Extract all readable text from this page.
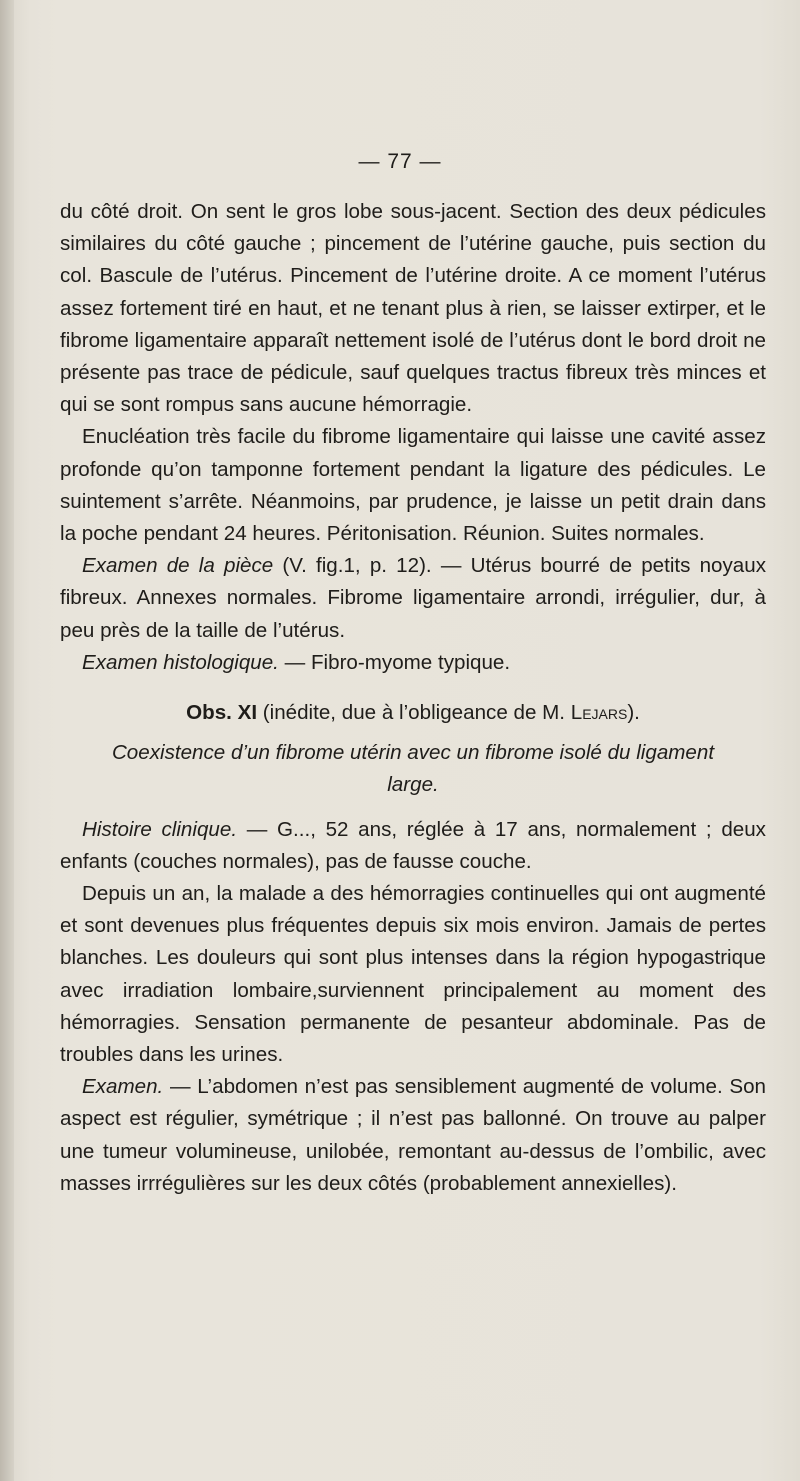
— 77 —

du côté droit. On sent le gros lobe sous-jacent. Section des deux pédicules similaires du côté gauche ; pincement de l’utérine gauche, puis section du col. Bascule de l’utérus. Pincement de l’utérine droite. A ce moment l’utérus assez fortement tiré en haut, et ne tenant plus à rien, se laisser extirper, et le fibrome ligamentaire apparaît nettement isolé de l’utérus dont le bord droit ne présente pas trace de pédicule, sauf quelques tractus fibreux très minces et qui se sont rompus sans aucune hémorragie.

Enucléation très facile du fibrome ligamentaire qui laisse une cavité assez profonde qu’on tamponne fortement pendant la ligature des pédicules. Le suintement s’arrête. Néanmoins, par prudence, je laisse un petit drain dans la poche pendant 24 heures. Péritonisation. Réunion. Suites normales.

Examen de la pièce (V. fig.1, p. 12). — Utérus bourré de petits noyaux fibreux. Annexes normales. Fibrome ligamentaire arrondi, irrégulier, dur, à peu près de la taille de l’utérus.

Examen histologique. — Fibro-myome typique.

Obs. XI (inédite, due à l’obligeance de M. Lejars).

Coexistence d’un fibrome utérin avec un fibrome isolé du ligament large.

Histoire clinique. — G..., 52 ans, réglée à 17 ans, normalement ; deux enfants (couches normales), pas de fausse couche.

Depuis un an, la malade a des hémorragies continuelles qui ont augmenté et sont devenues plus fréquentes depuis six mois environ. Jamais de pertes blanches. Les douleurs qui sont plus intenses dans la région hypogastrique avec irradiation lombaire,surviennent principalement au moment des hémorragies. Sensation permanente de pesanteur abdominale. Pas de troubles dans les urines.

Examen. — L’abdomen n’est pas sensiblement augmenté de volume. Son aspect est régulier, symétrique ; il n’est pas ballonné. On trouve au palper une tumeur volumineuse, unilobée, remontant au-dessus de l’ombilic, avec masses irrrégulières sur les deux côtés (probablement annexielles).
